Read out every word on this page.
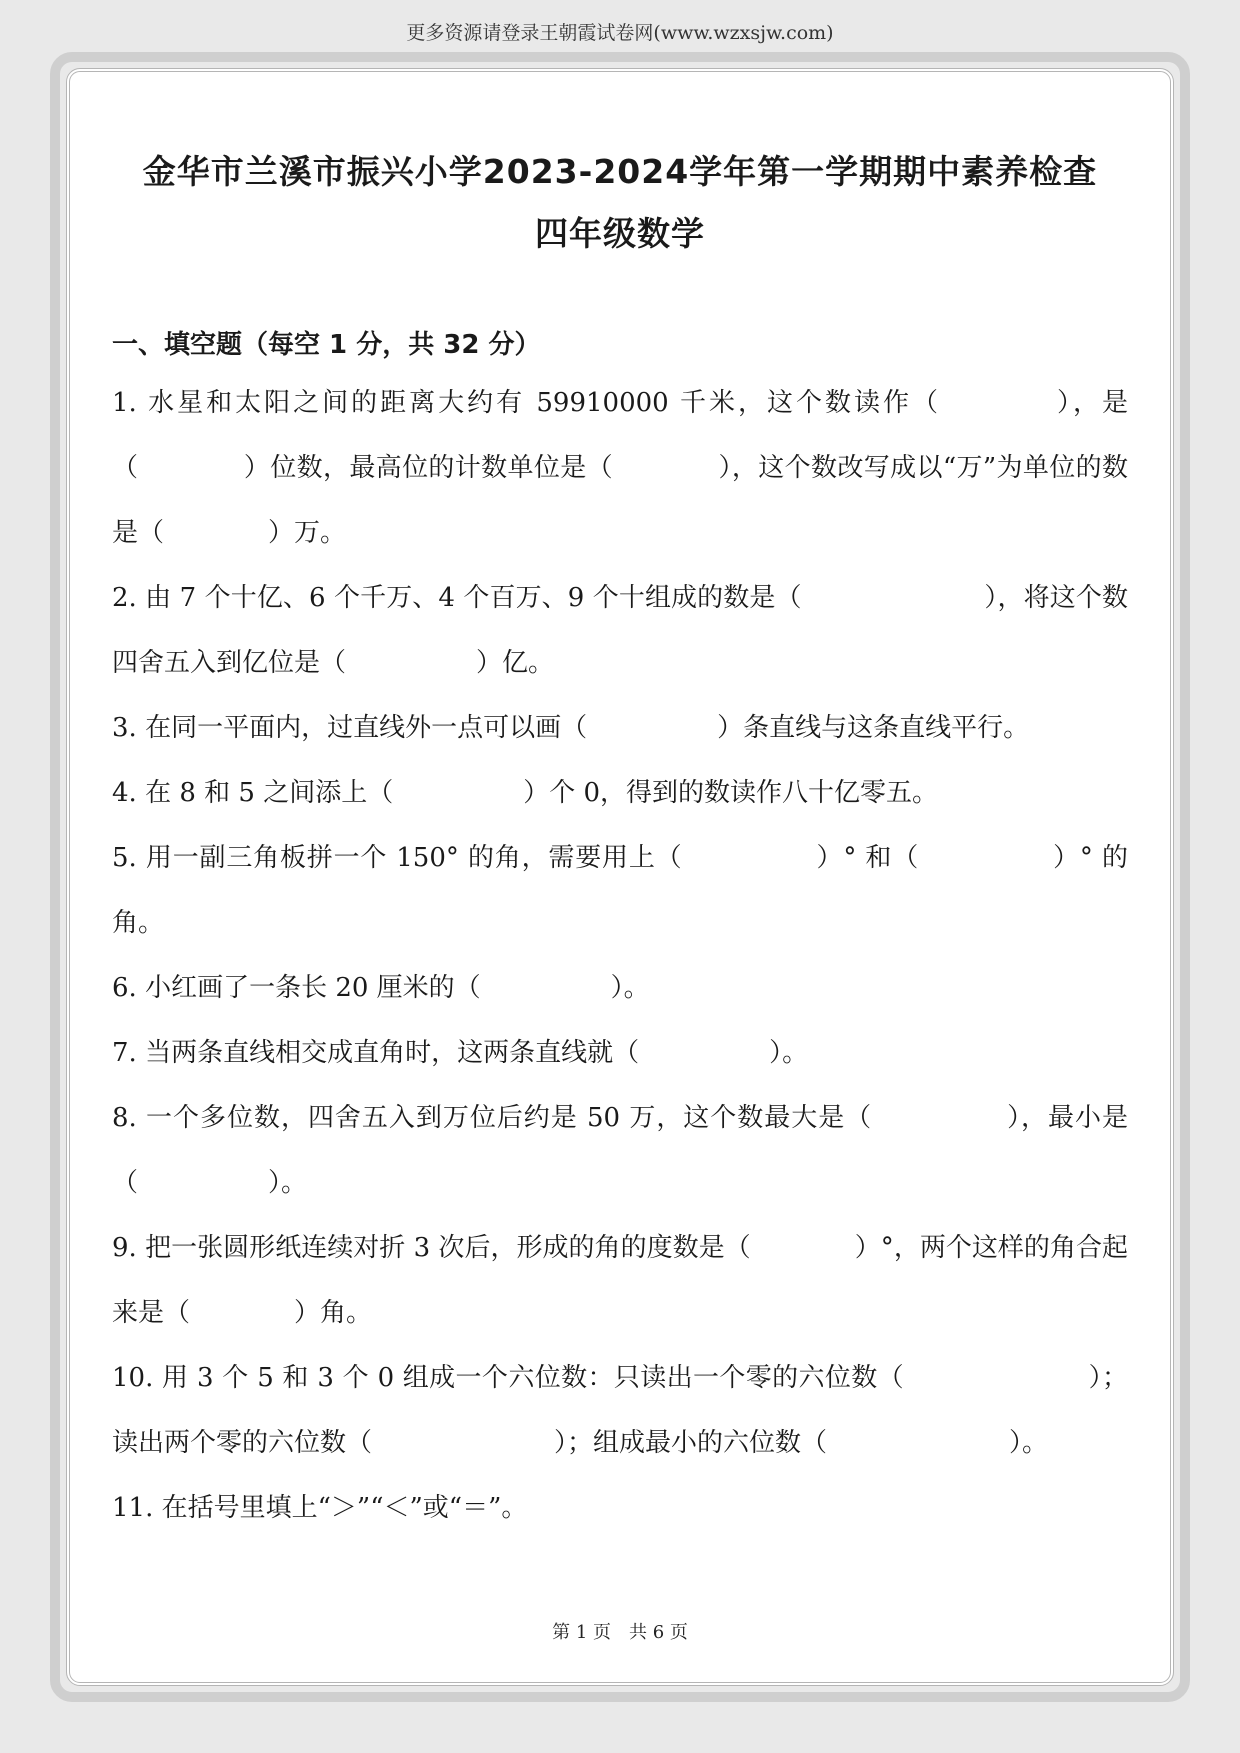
更多资源请登录王朝霞试卷网(www.wzxsjw.com)
金华市兰溪市振兴小学2023-2024学年第一学期期中素养检查
四年级数学
一、填空题（每空 1 分，共 32 分）
1. 水星和太阳之间的距离大约有 59910000 千米，这个数读作（　　　　），是（　　　　）位数，最高位的计数单位是（　　　　），这个数改写成以“万”为单位的数是（　　　　）万。
2. 由 7 个十亿、6 个千万、4 个百万、9 个十组成的数是（　　　　　　　），将这个数四舍五入到亿位是（　　　　　）亿。
3. 在同一平面内，过直线外一点可以画（　　　　　）条直线与这条直线平行。
4. 在 8 和 5 之间添上（　　　　　）个 0，得到的数读作八十亿零五。
5. 用一副三角板拼一个 150° 的角，需要用上（　　　　　）° 和（　　　　　）° 的角。
6. 小红画了一条长 20 厘米的（　　　　　）。
7. 当两条直线相交成直角时，这两条直线就（　　　　　）。
8. 一个多位数，四舍五入到万位后约是 50 万，这个数最大是（　　　　　），最小是（　　　　　）。
9. 把一张圆形纸连续对折 3 次后，形成的角的度数是（　　　　）°，两个这样的角合起来是（　　　　）角。
10. 用 3 个 5 和 3 个 0 组成一个六位数：只读出一个零的六位数（　　　　　　　）；读出两个零的六位数（　　　　　　　）；组成最小的六位数（　　　　　　　）。
11. 在括号里填上“＞”“＜”或“＝”。
第 1 页　共 6 页
